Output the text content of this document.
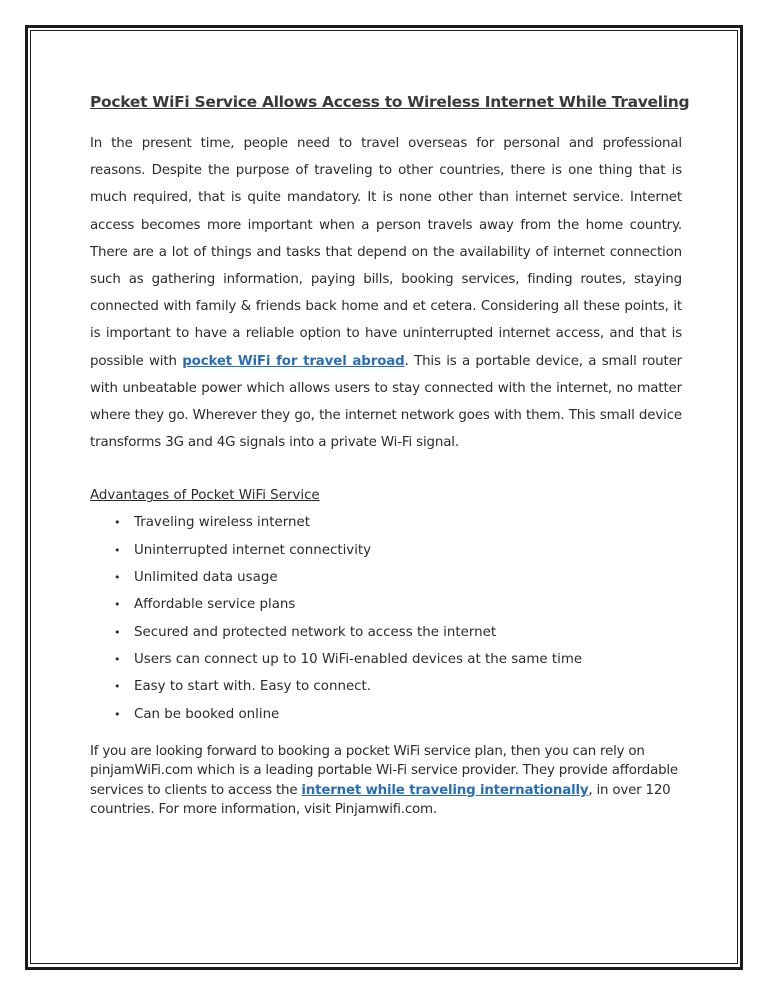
Pocket WiFi Service Allows Access to Wireless Internet While Traveling

In the present time, people need to travel overseas for personal and professional reasons. Despite the purpose of traveling to other countries, there is one thing that is much required, that is quite mandatory. It is none other than internet service. Internet access becomes more important when a person travels away from the home country. There are a lot of things and tasks that depend on the availability of internet connection such as gathering information, paying bills, booking services, finding routes, staying connected with family & friends back home and et cetera. Considering all these points, it is important to have a reliable option to have uninterrupted internet access, and that is possible with pocket WiFi for travel abroad. This is a portable device, a small router with unbeatable power which allows users to stay connected with the internet, no matter where they go. Wherever they go, the internet network goes with them. This small device transforms 3G and 4G signals into a private Wi-Fi signal.

Advantages of Pocket WiFi Service
• Traveling wireless internet
• Uninterrupted internet connectivity
• Unlimited data usage
• Affordable service plans
• Secured and protected network to access the internet
• Users can connect up to 10 WiFi-enabled devices at the same time
• Easy to start with. Easy to connect.
• Can be booked online

If you are looking forward to booking a pocket WiFi service plan, then you can rely on pinjamWiFi.com which is a leading portable Wi-Fi service provider. They provide affordable services to clients to access the internet while traveling internationally, in over 120 countries. For more information, visit Pinjamwifi.com.
